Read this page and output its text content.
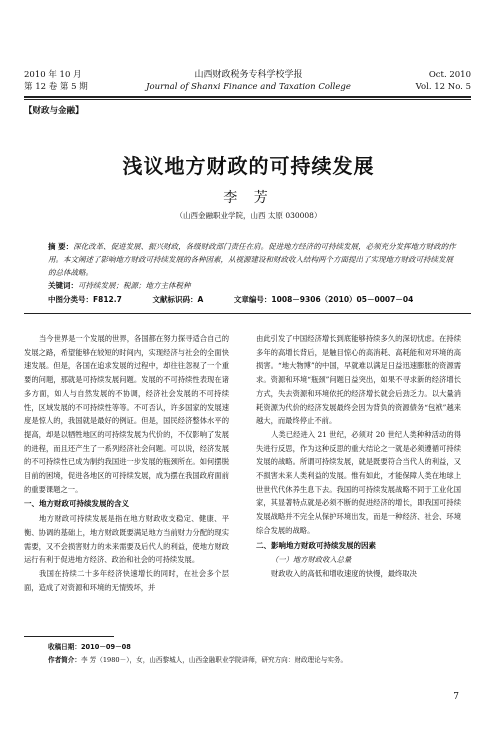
2010 年 10 月
第 12 卷 第 5 期
山西财政税务专科学校学报
Journal of Shanxi Finance and Taxation College
Oct. 2010
Vol. 12 No. 5
【财政与金融】
浅议地方财政的可持续发展
李 芳
（山西金融职业学院，山西 太原 030008）
摘 要：深化改革、促进发展、振兴财政，各级财政部门责任在肩。促进地方经济的可持续发展，必须充分发挥地方财政的作用。本文阐述了影响地方财政可持续发展的各种因素，从视源建设和财政收入结构两个方面提出了实现地方财政可持续发展的总体战略。
关键词：可持续发展；税源；地方主体税种
中图分类号：F812.7	文献标识码：A	文章编号：1008－9306（2010）05－0007－04

当今世界是一个发展的世界，各国都在努力探寻适合自己的发展之路，希望能够在较短的时间内，实现经济与社会的全面快速发展。但是，各国在追求发展的过程中，却往往忽视了一个重要的问题，那就是可持续发展问题。发展的不可持续性表现在诸多方面，如人与自然发展的不协调，经济社会发展的不可持续性，区域发展的不可持续性等等。不可否认，许多国家的发展速度是惊人的，我国就是最好的例证。但是，国民经济整体水平的提高，却是以牺牲地区的可持续发展为代价的，不仅影响了发展的进程，而且还产生了一系列经济社会问题。可以说，经济发展的不可持续性已成为制约我国进一步发展的瓶颈所在。如何摆脱目前的困境，促进各地区的可持续发展，成为摆在我国政府面前的重要课题之一。

一、地方财政可持续发展的含义

地方财政可持续发展是指在地方财政收支稳定、健康、平衡、协调的基础上，地方财政既要满足地方当前财力分配的现实需要，又不会损害财力的未来需要及后代人的利益，使地方财政运行有利于促进地方经济、政治和社会的可持续发展。

我国在持续二十多年经济快速增长的同时，在社会多个层面，造成了对资源和环境的无情毁坏，并

由此引发了中国经济增长到底能够持续多久的深切忧虑。在持续多年的高增长背后，是触目惊心的高消耗、高耗能和对环境的高损害。“地大物博”的中国，早就难以满足日益迅速膨胀的资源需求。资源和环境“瓶颈”问题日益突出，如果不寻求新的经济增长方式，失去资源和环境依托的经济增长就会后劲乏力。以大量消耗资源为代价的经济发展最终会因为背负的资源债务“包袱”越来越大，而最终停止不前。

人类已经进入 21 世纪，必须对 20 世纪人类种种活动的得失进行反思，作为这种反思的重大结论之一就是必须遵循可持续发展的战略。所谓可持续发展，就是既要符合当代人的利益，又不损害未来人类利益的发展。惟有如此，才能保障人类在地球上世世代代休养生息下去。我国的可持续发展战略不同于工业化国家，其显著特点就是必须不断的促进经济的增长，即我国可持续发展战略并不完全从保护环境出发，而是一种经济、社会、环境综合发展的战略。

二、影响地方财政可持续发展的因素

（一）地方财政收入总量

财政收入的高低和增收速度的快慢，最终取决

收稿日期：2010－09－08
作者简介：李 芳（1980－），女，山西黎城人，山西金融职业学院讲师，研究方向：财政理论与实务。
7
